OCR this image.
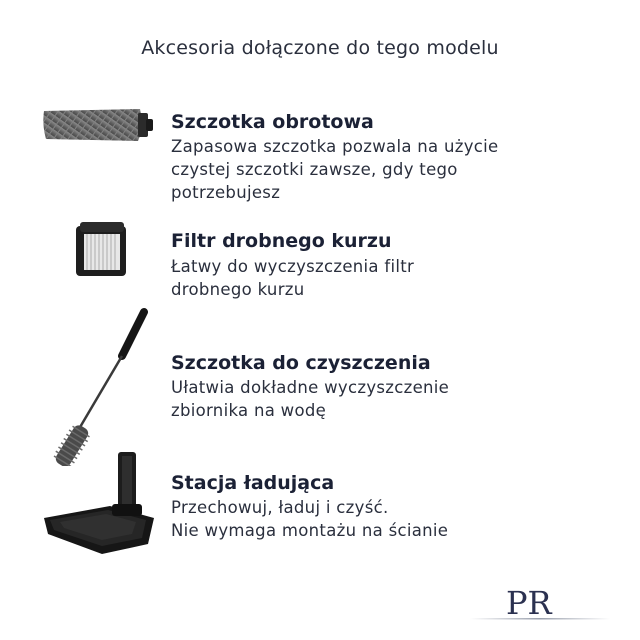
Akcesoria dołączone do tego modelu
Szczotka obrotowa
Zapasowa szczotka pozwala na użycie
czystej szczotki zawsze, gdy tego
potrzebujesz
Filtr drobnego kurzu
Łatwy do wyczyszczenia filtr
drobnego kurzu
Szczotka do czyszczenia
Ułatwia dokładne wyczyszczenie
zbiornika na wodę
Stacja ładująca
Przechowuj, ładuj i czyść.
Nie wymaga montażu na ścianie
PR
